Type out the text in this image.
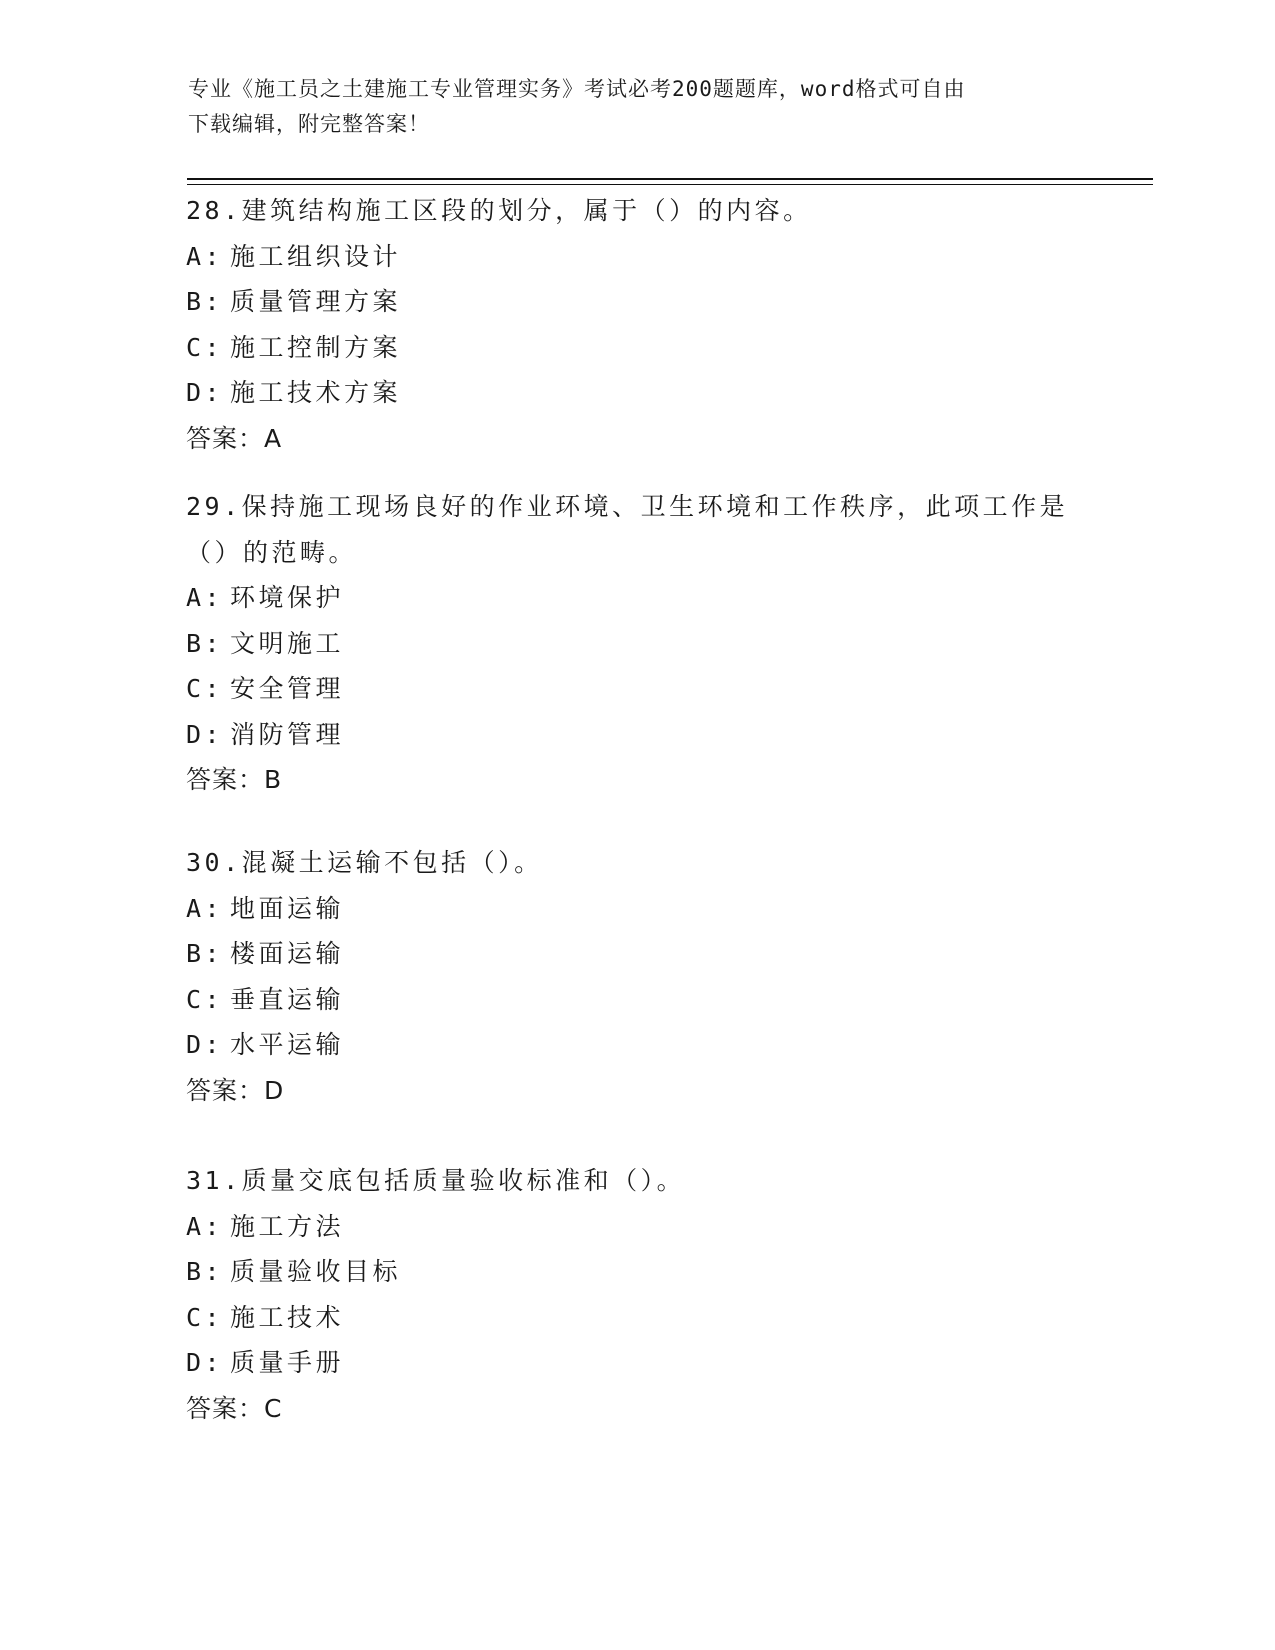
专业《施工员之土建施工专业管理实务》考试必考200题题库，word格式可自由
下载编辑，附完整答案！
28.建筑结构施工区段的划分，属于（）的内容。
A: 施工组织设计
B: 质量管理方案
C: 施工控制方案
D: 施工技术方案
答案：A
29.保持施工现场良好的作业环境、卫生环境和工作秩序，此项工作是
（）的范畴。
A: 环境保护
B: 文明施工
C: 安全管理
D: 消防管理
答案：B
30.混凝土运输不包括（）。
A: 地面运输
B: 楼面运输
C: 垂直运输
D: 水平运输
答案：D
31.质量交底包括质量验收标准和（）。
A: 施工方法
B: 质量验收目标
C: 施工技术
D: 质量手册
答案：C
